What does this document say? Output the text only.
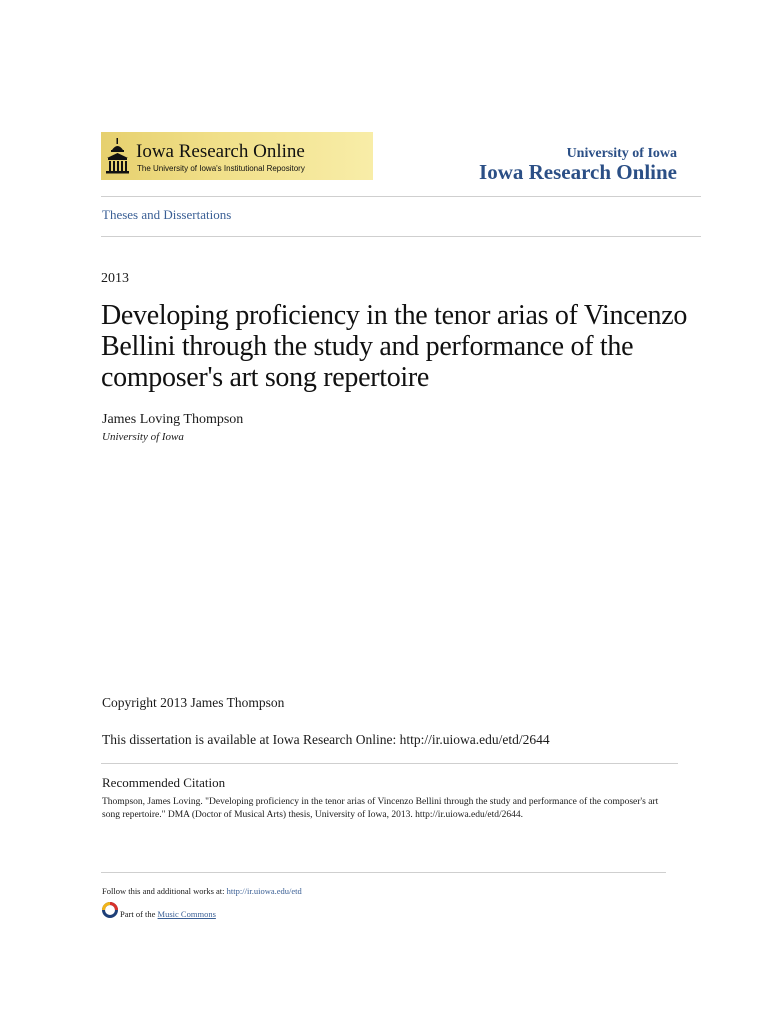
Iowa Research Online
The University of Iowa's Institutional Repository
University of Iowa
Iowa Research Online
Theses and Dissertations
2013
Developing proficiency in the tenor arias of Vincenzo Bellini through the study and performance of the composer's art song repertoire
James Loving Thompson
University of Iowa
Copyright 2013 James Thompson
This dissertation is available at Iowa Research Online: http://ir.uiowa.edu/etd/2644
Recommended Citation
Thompson, James Loving. "Developing proficiency in the tenor arias of Vincenzo Bellini through the study and performance of the composer's art song repertoire." DMA (Doctor of Musical Arts) thesis, University of Iowa, 2013. http://ir.uiowa.edu/etd/2644.
Follow this and additional works at: http://ir.uiowa.edu/etd
Part of the Music Commons
